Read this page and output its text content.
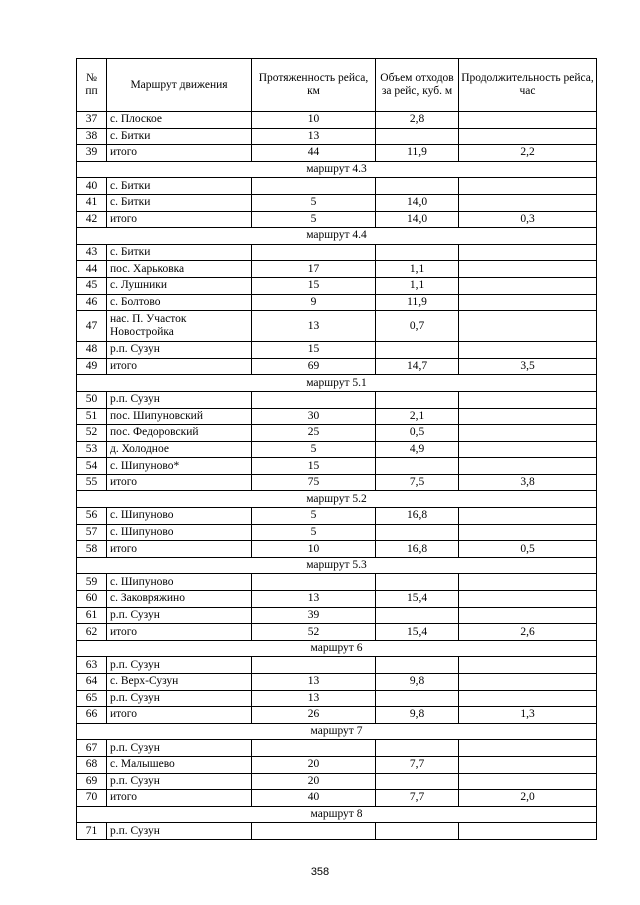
№ пп	Маршрут движения	Протяженность рейса, км	Объем отходов за рейс, куб. м	Продолжительность рейса, час
37	с. Плоское	10	2,8	
38	с. Битки	13		
39	итого	44	11,9	2,2
маршрут 4.3				
40	с. Битки			
41	с. Битки	5	14,0	
42	итого	5	14,0	0,3
маршрут 4.4				
43	с. Битки			
44	пос. Харьковка	17	1,1	
45	с. Лушники	15	1,1	
46	с. Болтово	9	11,9	
47	нас. П. Участок Новостройка	13	0,7	
48	р.п. Сузун	15		
49	итого	69	14,7	3,5
маршрут 5.1				
50	р.п. Сузун			
51	пос. Шипуновский	30	2,1	
52	пос. Федоровский	25	0,5	
53	д. Холодное	5	4,9	
54	с. Шипуново*	15		
55	итого	75	7,5	3,8
маршрут 5.2				
56	с. Шипуново	5	16,8	
57	с. Шипуново	5		
58	итого	10	16,8	0,5
маршрут 5.3				
59	с. Шипуново			
60	с. Заковряжино	13	15,4	
61	р.п. Сузун	39		
62	итого	52	15,4	2,6
маршрут 6				
63	р.п. Сузун			
64	с. Верх-Сузун	13	9,8	
65	р.п. Сузун	13		
66	итого	26	9,8	1,3
маршрут 7				
67	р.п. Сузун			
68	с. Малышево	20	7,7	
69	р.п. Сузун	20		
70	итого	40	7,7	2,0
маршрут 8				
71	р.п. Сузун			
358
